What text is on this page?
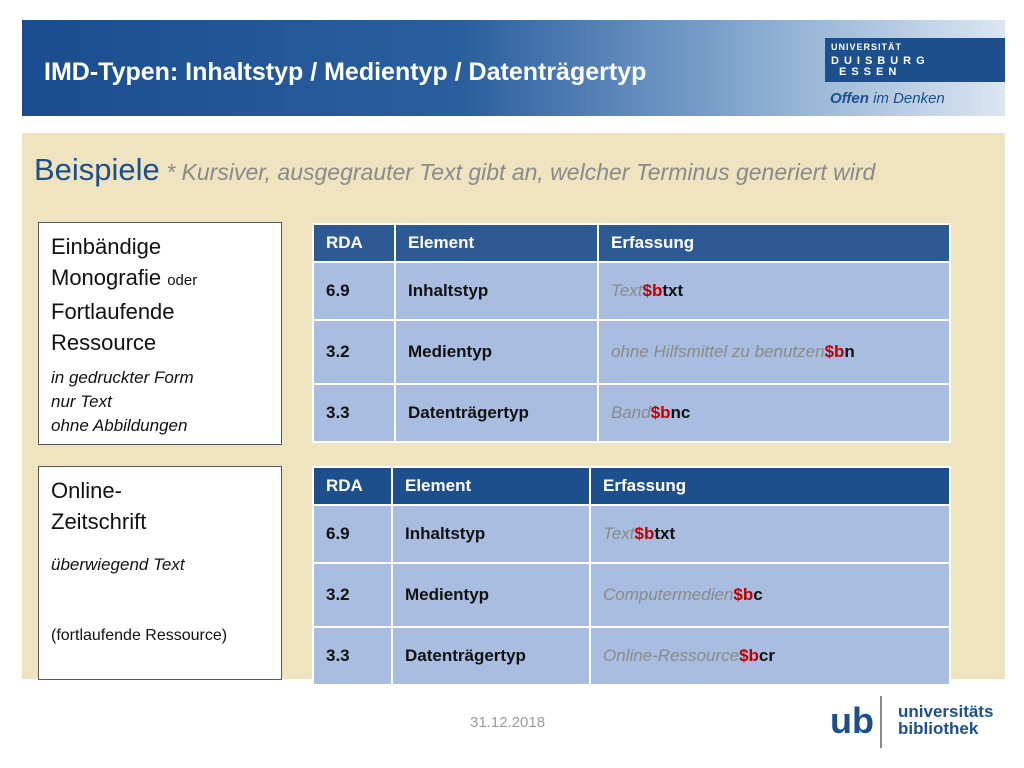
IMD-Typen: Inhaltstyp / Medientyp / Datenträgertyp
UNIVERSITÄT
DUISBURG
ESSEN
Offen im Denken
Beispiele * Kursiver, ausgegrauter Text gibt an, welcher Terminus generiert wird
Einbändige
Monografie oder
Fortlaufende
Ressource
in gedruckter Form
nur Text
ohne Abbildungen
Online-
Zeitschrift
überwiegend Text
(fortlaufende Ressource)
RDA	Element	Erfassung
6.9	Inhaltstyp	Text$btxt
3.2	Medientyp	ohne Hilfsmittel zu benutzen$bn
3.3	Datenträgertyp	Band$bnc
RDA	Element	Erfassung
6.9	Inhaltstyp	Text$btxt
3.2	Medientyp	Computermedien$bc
3.3	Datenträgertyp	Online-Ressource$bcr
31.12.2018	ub universitäts
bibliothek
